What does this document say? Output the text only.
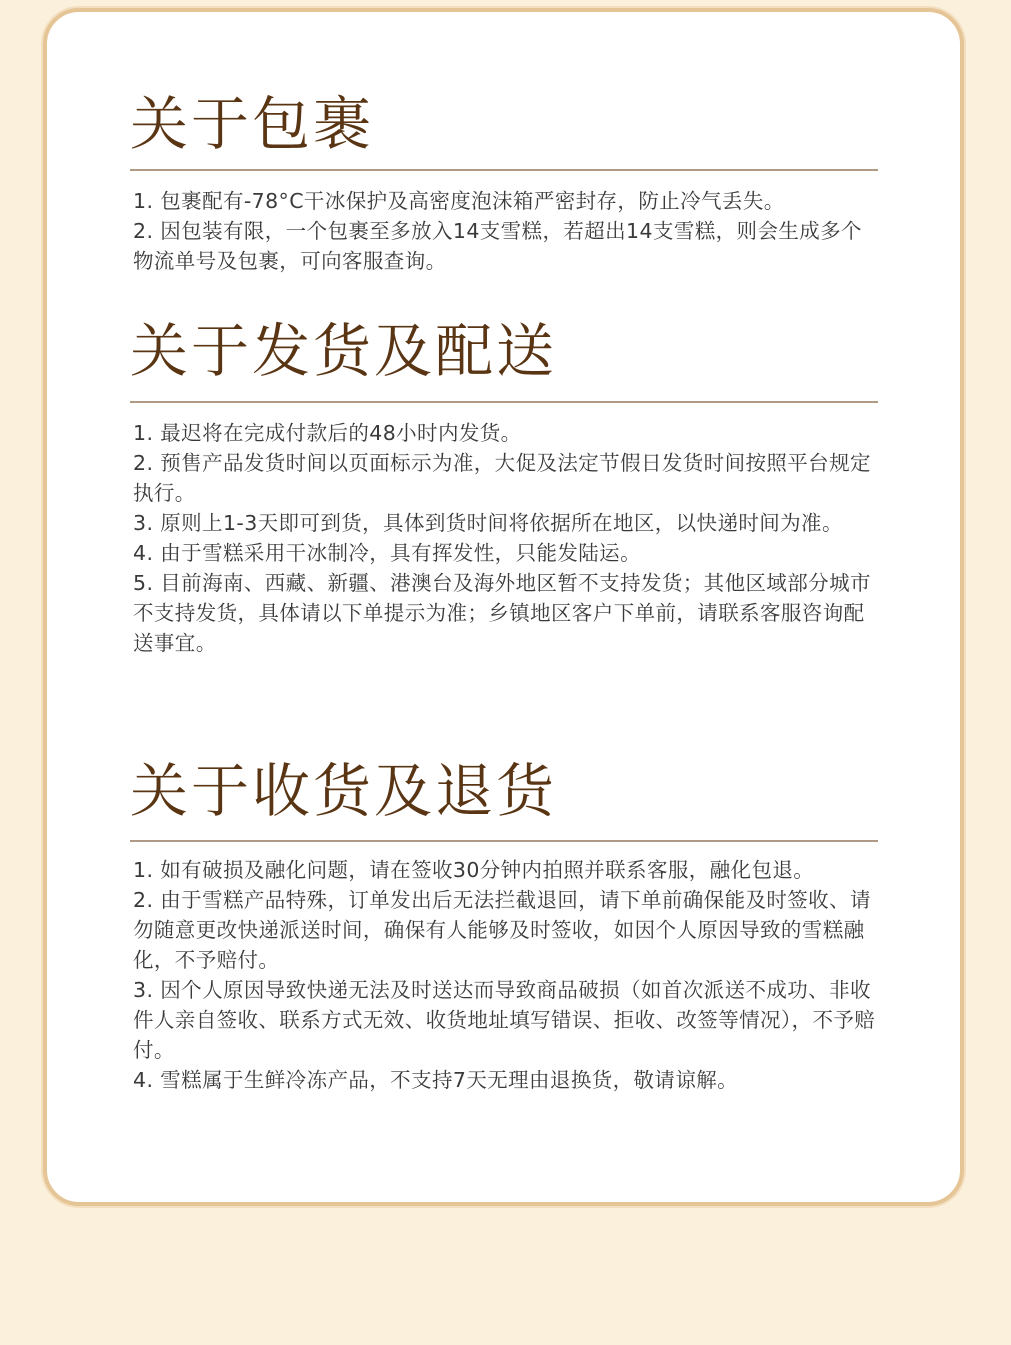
关于包裹
1. 包裹配有-78°C干冰保护及高密度泡沫箱严密封存，防止冷气丢失。
2. 因包装有限，一个包裹至多放入14支雪糕，若超出14支雪糕，则会生成多个物流单号及包裹，可向客服查询。
关于发货及配送
1. 最迟将在完成付款后的48小时内发货。
2. 预售产品发货时间以页面标示为准，大促及法定节假日发货时间按照平台规定执行。
3. 原则上1-3天即可到货，具体到货时间将依据所在地区，以快递时间为准。
4. 由于雪糕采用干冰制冷，具有挥发性，只能发陆运。
5. 目前海南、西藏、新疆、港澳台及海外地区暂不支持发货；其他区域部分城市不支持发货，具体请以下单提示为准；乡镇地区客户下单前，请联系客服咨询配送事宜。
关于收货及退货
1. 如有破损及融化问题，请在签收30分钟内拍照并联系客服，融化包退。
2. 由于雪糕产品特殊，订单发出后无法拦截退回，请下单前确保能及时签收、请勿随意更改快递派送时间，确保有人能够及时签收，如因个人原因导致的雪糕融化，不予赔付。
3. 因个人原因导致快递无法及时送达而导致商品破损（如首次派送不成功、非收件人亲自签收、联系方式无效、收货地址填写错误、拒收、改签等情况），不予赔付。
4. 雪糕属于生鲜冷冻产品，不支持7天无理由退换货，敬请谅解。
